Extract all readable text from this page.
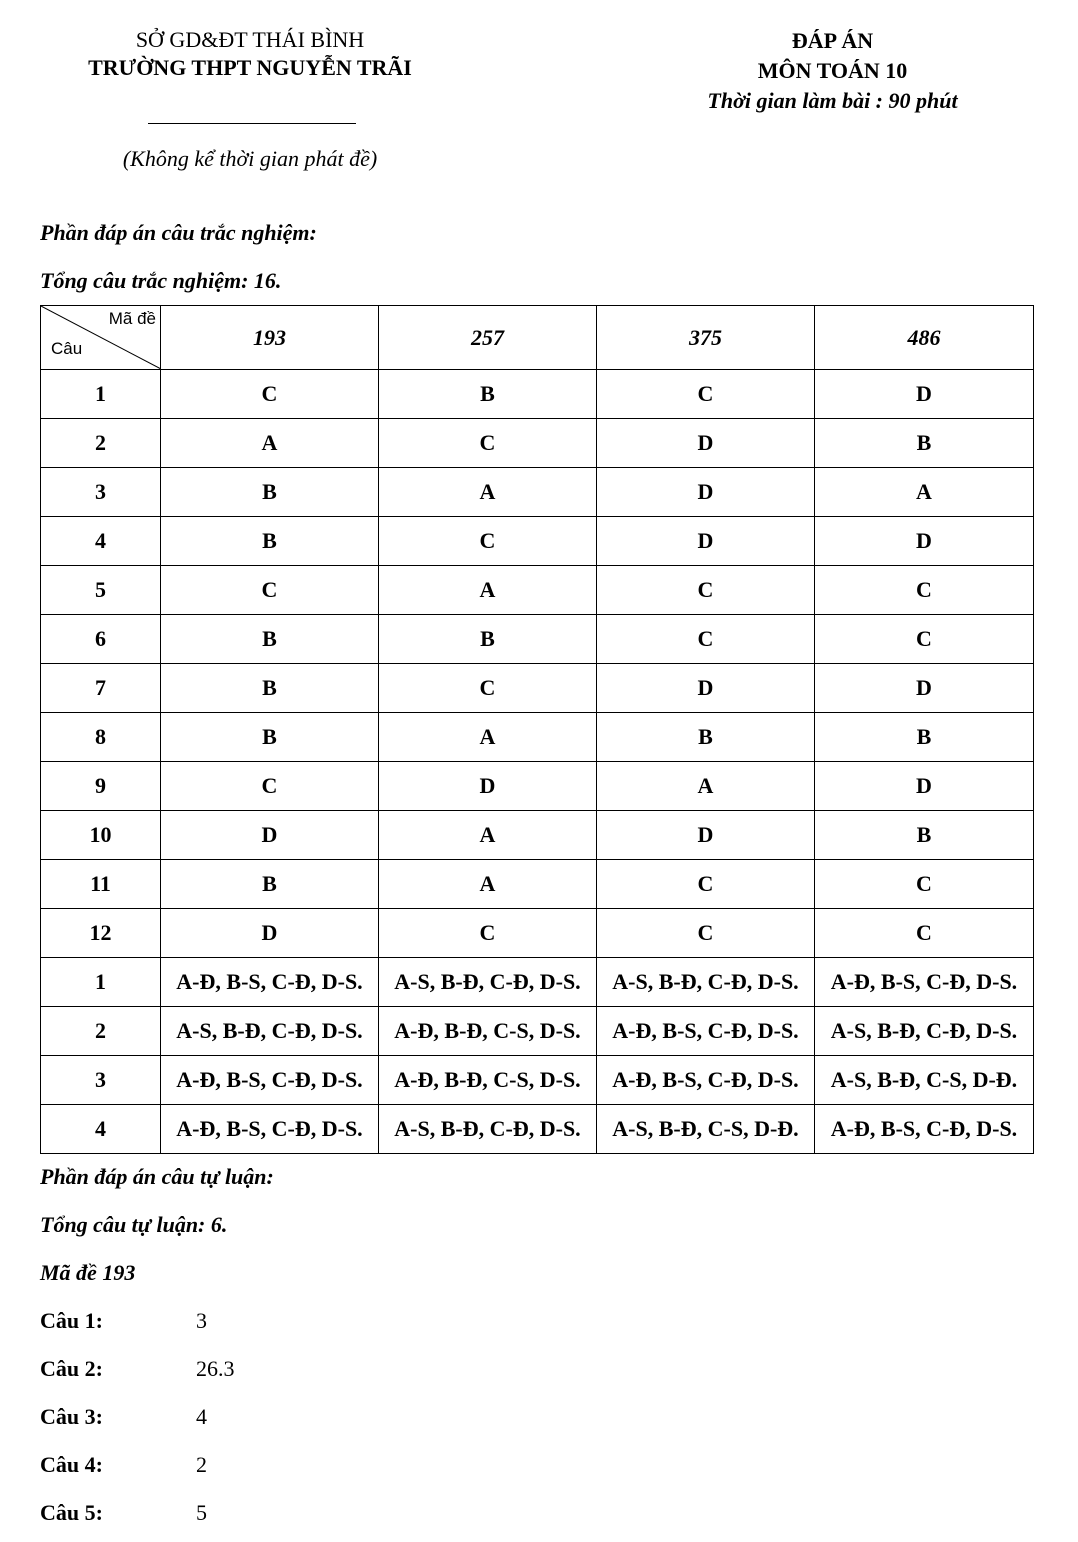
SỞ GD&ĐT THÁI BÌNH
TRƯỜNG THPT NGUYỄN TRÃI
(Không kể thời gian phát đề)
ĐÁP ÁN
MÔN TOÁN 10
Thời gian làm bài : 90 phút
Phần đáp án câu trắc nghiệm:
Tổng câu trắc nghiệm: 16.
Mã đề
Câu	193	257	375	486
1	C	B	C	D
2	A	C	D	B
3	B	A	D	A
4	B	C	D	D
5	C	A	C	C
6	B	B	C	C
7	B	C	D	D
8	B	A	B	B
9	C	D	A	D
10	D	A	D	B
11	B	A	C	C
12	D	C	C	C
1	A-Đ, B-S, C-Đ, D-S.	A-S, B-Đ, C-Đ, D-S.	A-S, B-Đ, C-Đ, D-S.	A-Đ, B-S, C-Đ, D-S.
2	A-S, B-Đ, C-Đ, D-S.	A-Đ, B-Đ, C-S, D-S.	A-Đ, B-S, C-Đ, D-S.	A-S, B-Đ, C-Đ, D-S.
3	A-Đ, B-S, C-Đ, D-S.	A-Đ, B-Đ, C-S, D-S.	A-Đ, B-S, C-Đ, D-S.	A-S, B-Đ, C-S, D-Đ.
4	A-Đ, B-S, C-Đ, D-S.	A-S, B-Đ, C-Đ, D-S.	A-S, B-Đ, C-S, D-Đ.	A-Đ, B-S, C-Đ, D-S.
Phần đáp án câu tự luận:
Tổng câu tự luận: 6.
Mã đề 193
Câu 1:	3
Câu 2:	26.3
Câu 3:	4
Câu 4:	2
Câu 5:	5
